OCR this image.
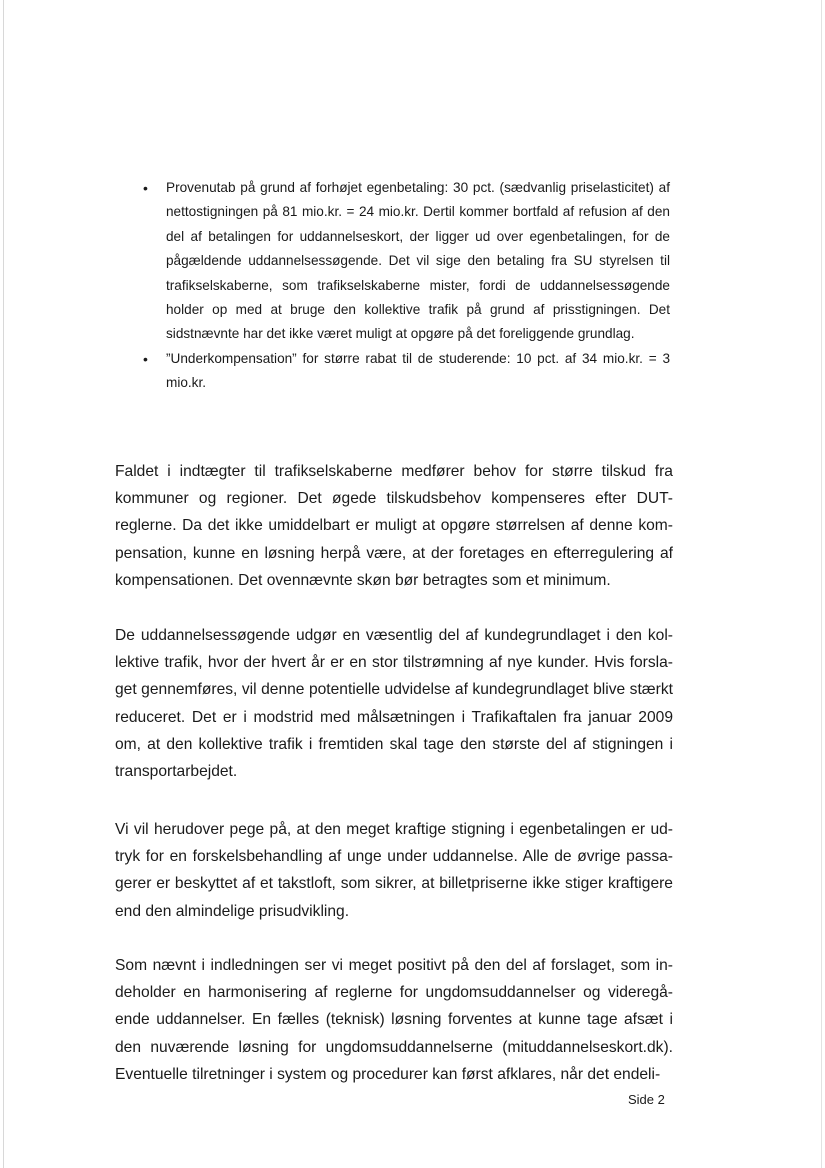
• Provenutab på grund af forhøjet egenbetaling: 30 pct. (sædvanlig priselasticitet) af nettostigningen på 81 mio.kr. = 24 mio.kr. Dertil kommer bortfald af refusion af den del af betalingen for uddannelseskort, der ligger ud over egenbetalingen, for de pågældende uddannelsessøgende. Det vil sige den betaling fra SU styrelsen til trafikselskaberne, som trafikselskaberne mister, fordi de uddannelsessøgende holder op med at bruge den kollektive trafik på grund af prisstigningen. Det sidstnævnte har det ikke været muligt at opgøre på det foreliggende grundlag.
• ”Underkompensation” for større rabat til de studerende: 10 pct. af 34 mio.kr. = 3 mio.kr.

Faldet i indtægter til trafikselskaberne medfører behov for større tilskud fra kommuner og regioner. Det øgede tilskudsbehov kompenseres efter DUT-reglerne. Da det ikke umiddelbart er muligt at opgøre størrelsen af denne kompensation, kunne en løsning herpå være, at der foretages en efterregulering af kompensationen. Det ovennævnte skøn bør betragtes som et minimum.

De uddannelsessøgende udgør en væsentlig del af kundegrundlaget i den kollektive trafik, hvor der hvert år er en stor tilstrømning af nye kunder. Hvis forslaget gennemføres, vil denne potentielle udvidelse af kundegrundlaget blive stærkt reduceret. Det er i modstrid med målsætningen i Trafikaftalen fra januar 2009 om, at den kollektive trafik i fremtiden skal tage den største del af stigningen i transportarbejdet.

Vi vil herudover pege på, at den meget kraftige stigning i egenbetalingen er udtryk for en forskelsbehandling af unge under uddannelse. Alle de øvrige passagerer er beskyttet af et takstloft, som sikrer, at billetpriserne ikke stiger kraftigere end den almindelige prisudvikling.

Som nævnt i indledningen ser vi meget positivt på den del af forslaget, som indeholder en harmonisering af reglerne for ungdomsuddannelser og videregående uddannelser. En fælles (teknisk) løsning forventes at kunne tage afsæt i den nuværende løsning for ungdomsuddannelserne (mituddannelseskort.dk). Eventuelle tilretninger i system og procedurer kan først afklares, når det endeli-

Side 2
